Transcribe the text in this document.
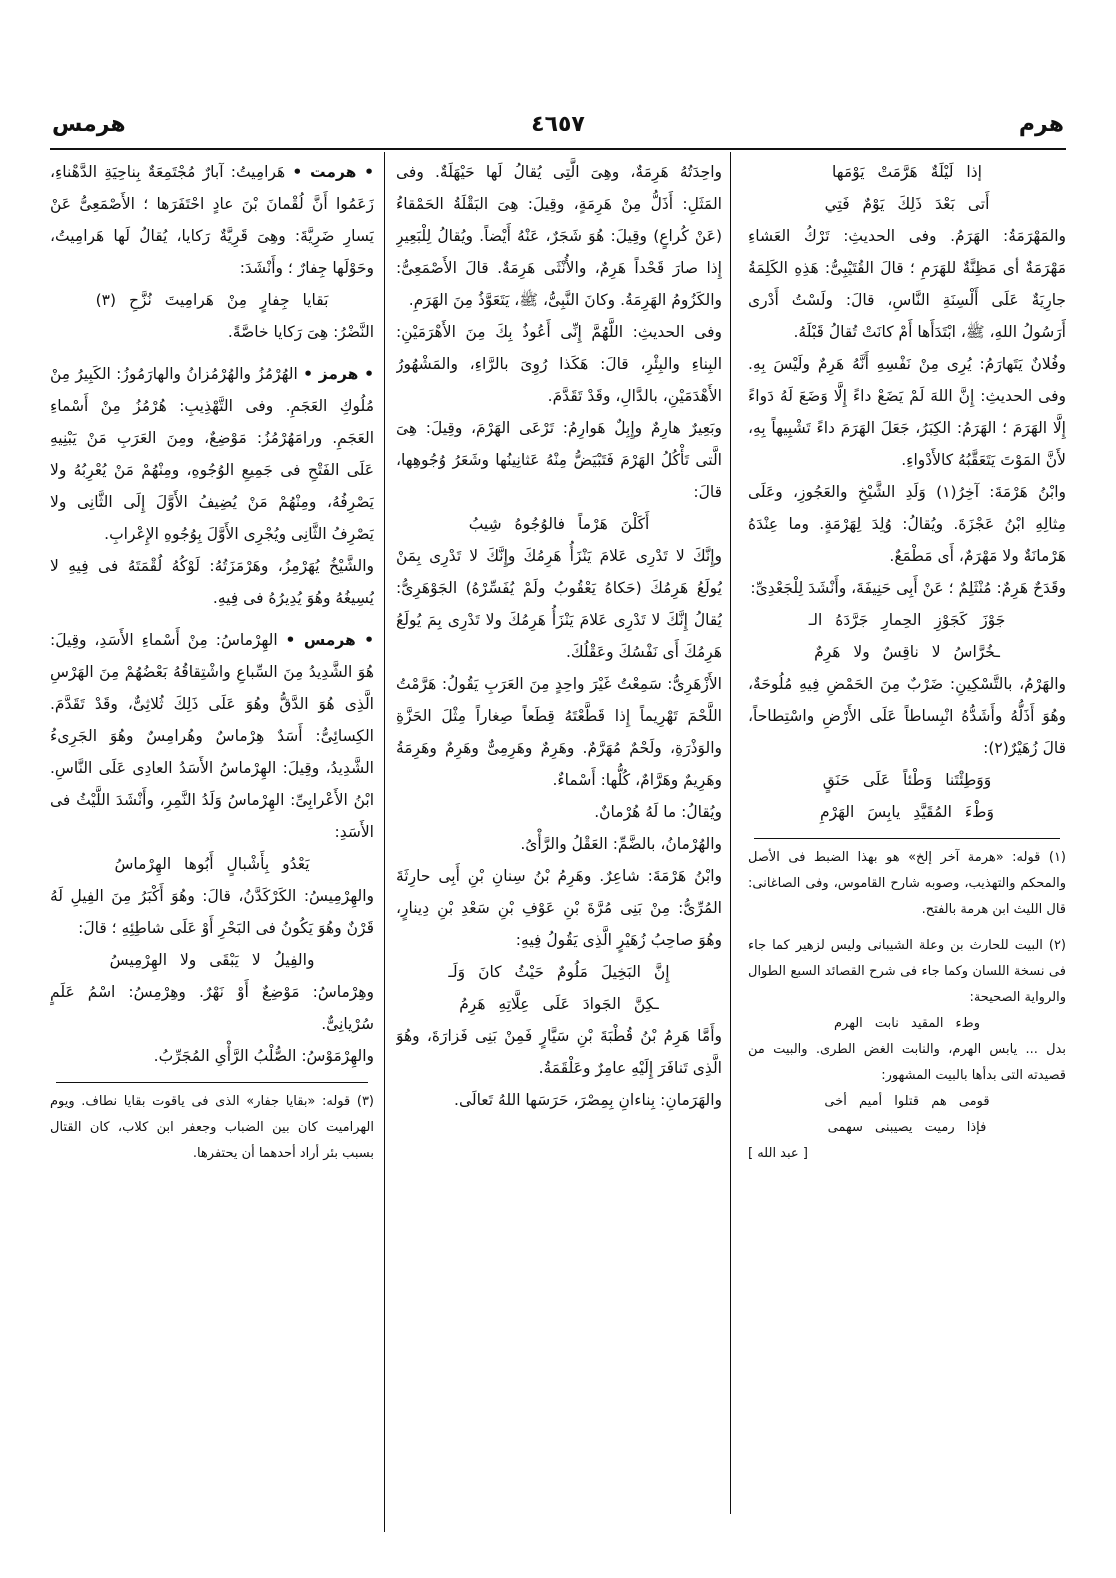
هرم
٤٦٥٧
هرمس
إذا لَيْلَةٌ هَرَّمَتْ يَوْمَها
أَتى بَعْدَ ذَلِكَ يَوْمٌ فَتِي

والمَهْرَمَةُ: الهَرَمُ. وفى الحديثِ: تَرْكُ العَشاءِ مَهْرَمَةٌ أى مَظِنَّةٌ للهَرَمِ ؛ قالَ القُتَيْبِىُّ: هَذِهِ الكَلِمَةُ جارِيَةٌ عَلَى أَلْسِنَةِ النَّاسِ، قالَ: ولَسْتُ أَدْرى أَرَسُولُ اللهِ، ﷺ، ابْتَدَأَها أَمْ كانَتْ تُقالُ قَبْلَهُ.

وفُلانٌ يَتَهارَمُ: يُرِى مِنْ نَفْسِهِ أَنَّهُ هَرِمٌ ولَيْسَ بِهِ. وفى الحديثِ: إِنَّ اللهَ لَمْ يَضَعْ داءً إِلَّا وَضَعَ لَهُ دَواءً إِلَّا الهَرَمَ ؛ الهَرَمُ: الكِبَرُ، جَعَلَ الهَرَمَ داءً تَشْبِيهاً بِهِ، لأَنَّ المَوْتَ يَتَعَقَّبُهُ كالأَدْواءِ.

وابْنُ هَرْمَةَ: آخِرُ(١) وَلَدِ الشَّيْخِ والعَجُوزِ، وعَلَى مِثالِهِ ابْنُ عَجْزَةَ. ويُقالُ: وُلِدَ لِهَرْمَةٍ. وما عِنْدَهُ هَرْمانَةٌ ولا مَهْرَمٌ، أَى مَطْمَعٌ.

وقَدَحٌ هَرِمٌ: مُنْثَلِمٌ ؛ عَنْ أَبِى حَنِيفَةَ، وأَنْشَدَ لِلْجَعْدِىِّ:

جَوْزَ كَجَوْزِ الحِمارِ جَرَّدَهُ الـ
ـخُرَّاسُ لا ناقِسٌ ولا هَرِمٌ

والهَرْمُ، بالتَّسْكِينِ: ضَرْبٌ مِنَ الحَمْضِ فِيهِ مُلُوحَةٌ، وهُوَ أَذَلُّهُ وأَشَدُّهُ انْبِساطاً عَلَى الأَرْضِ واسْتِطاحاً، قالَ زُهَيْرٌ(٢):

وَوَطِئْتَنا وَطْئاً عَلَى حَنَقٍ
وَطْءَ المُقَيَّدِ يابِسَ الهَرْمِ

(١) قوله: «هرمة آخر إلخ» هو بهذا الضبط فى الأصل والمحكم والتهذيب، وصوبه شارح القاموس، وفى الصاغانى: قال الليث ابن هرمة بالفتح.

(٢) البيت للحارث بن وعلة الشيبانى وليس لزهير كما جاء فى نسخة اللسان وكما جاء فى شرح القصائد السبع الطوال والرواية الصحيحة:

وطء المقيد نابت الهرم

بدل ... يابس الهرم، والنابت الغض الطرى. والبيت من قصيدته التى بدأها بالبيت المشهور:

قومى هم قتلوا أميم أخى
فإذا رميت يصيبنى سهمى

[ عبد الله ]

واحِدَتُهُ هَرِمَةٌ، وهِىَ الَّتِى يُقالُ لَها حَيْهَلَةٌ. وفى المَثَلِ: أَذَلُّ مِنْ هَرِمَةٍ، وقِيلَ: هِىَ البَقْلَةُ الحَمْقاءُ (عَنْ كُراعٍ) وقِيلَ: هُوَ شَجَرٌ، عَنْهُ أَيْضاً. ويُقالُ لِلْبَعِيرِ إِذا صارَ قَحْداً هَرِمٌ، والأُنْثَى هَرِمَةٌ. قالَ الأَصْمَعِىُّ: والكَزُومُ الهَرِمَةُ. وكانَ النَّبِىُّ، ﷺ، يَتَعَوَّذُ مِنَ الهَرَمِ.

وفى الحديثِ: اللَّهُمَّ إِنِّى أَعُوذُ بِكَ مِنَ الأَهْرَمَيْنِ: البِناءِ والبِئْرِ، قالَ: هَكَذا رُوِىَ بالرَّاءِ، والمَشْهُورُ الأَهْدَمَيْنِ، بالدَّالِ، وقَدْ تَقَدَّمَ.

وبَعِيرٌ هارِمٌ وإِبِلٌ هَوارِمُ: تَرْعَى الهَرْمَ، وقِيلَ: هِىَ الَّتى تَأْكُلُ الهَرْمَ فَتَبْيَضُّ مِنْهُ عَثانِينُها وشَعَرُ وُجُوهِها، قالَ:

أَكَلْنَ هَرْماً فالوُجُوهُ شِيبُ

وإِنَّكَ لا تَدْرِى عَلامَ يَنْزَأُ هَرِمُكَ وإِنَّكَ لا تَدْرِى بِمَنْ يُولَعُ هَرِمُكَ (حَكاهُ يَعْقُوبُ ولَمْ يُفَسِّرْهُ) الجَوْهَرِىُّ: يُقالُ إِنَّكَ لا تَدْرِى عَلامَ يَنْزَأُ هَرِمُكَ ولا تَدْرِى بِمَ يُولَعُ هَرِمُكَ أَى نَفْسُكَ وعَقْلُكَ.

الأَزْهَرِىُّ: سَمِعْتُ غَيْرَ واحِدٍ مِنَ العَرَبِ يَقُولُ: هَرَّمْتُ اللَّحْمَ تَهْرِيماً إِذا قَطَّعْتَهُ قِطَعاً صِغاراً مِثْلَ الحَزَّةِ والوَذْرَةِ، ولَحْمٌ مُهَرَّمٌ. وهَرِمٌ وهَرِمِىٌّ وهَرِمٌ وهَرِمَةُ وهَرِيمٌ وهَرَّامٌ، كُلُّها: أَسْماءٌ.

ويُقالُ: ما لَهُ هُرْمانٌ.

والهُرْمانُ، بالضَّمِّ: العَقْلُ والرَّأْىُ.

وابْنُ هَرْمَةَ: شاعِرٌ. وهَرِمُ بْنُ سِنانِ بْنِ أَبِى حارِثَةَ المُرِّىُّ: مِنْ بَنِى مُرَّةَ بْنِ عَوْفِ بْنِ سَعْدِ بْنِ دِينارٍ، وهُوَ صاحِبُ زُهَيْرٍ الَّذِى يَقُولُ فِيهِ:

إِنَّ البَخِيلَ مَلُومٌ حَيْثُ كانَ وَلَـ
ـكِنَّ الجَوادَ عَلَى عِلَّاتِهِ هَرِمُ

وأَمَّا هَرِمُ بْنُ قُطْبَةَ بْنِ سَيَّارٍ فَمِنْ بَنِى فَزارَةَ، وهُوَ الَّذِى تَنافَرَ إِلَيْهِ عامِرٌ وعَلْقَمَةُ.

والهَرَمانِ: بِناءانِ بِمِصْرَ، حَرَسَها اللهُ تَعالَى.

• هرمت • هَرامِيتُ: آبارٌ مُجْتَمِعَةٌ بِناحِيَةِ الدَّهْناءِ، زَعَمُوا أَنَّ لُقْمانَ بْنَ عادٍ احْتَفَرَها ؛ الأَصْمَعِىُّ عَنْ يَسارِ ضَرِيَّةَ: وهِىَ قَرِيَّةٌ رَكايا، يُقالُ لَها هَرامِيتُ، وحَوْلَها جِفارٌ ؛ وأَنْشَدَ:

بَقايا جِفارٍ مِنْ هَرامِيتَ نُزَّحِ (٣)

النَّضْرُ: هِىَ رَكايا خاصَّةً.

• هرمز • الهُرْمُزُ والهُرْمُزانُ والهارَمُوزُ: الكَبِيرُ مِنْ مُلُوكِ العَجَمِ. وفى التَّهْذِيبِ: هُرْمُزُ مِنْ أَسْماءِ العَجَمِ. ورامَهُرْمُزُ: مَوْضِعٌ، ومِنَ العَرَبِ مَنْ يَبْنِيهِ عَلَى الفَتْحِ فى جَمِيعِ الوُجُوهِ، ومِنْهُمْ مَنْ يُعْرِبُهُ ولا يَصْرِفُهُ، ومِنْهُمْ مَنْ يُضِيفُ الأَوَّلَ إِلَى الثَّانِى ولا يَصْرِفُ الثَّانِى ويُجْرِى الأَوَّلَ بِوُجُوهِ الإِعْرابِ.

والشَّيْخُ يُهَرْمِزُ، وهَرْمَزَتُهُ: لَوْكُهُ لُقْمَتَهُ فى فِيهِ لا يُسِيغُهُ وهُوَ يُدِيرُهُ فى فِيهِ.

• هرمس • الهِرْماسُ: مِنْ أَسْماءِ الأَسَدِ، وقِيلَ: هُوَ الشَّدِيدُ مِنَ السِّباعِ واشْتِقاقُهُ بَعْضُهُمْ مِنَ الهَرْسِ الَّذِى هُوَ الدَّقُّ وهُوَ عَلَى ذَلِكَ ثُلاثِىٌّ، وقَدْ تَقَدَّمَ. الكِسائِىُّ: أَسَدٌ هِرْماسٌ وهُرامِسٌ وهُوَ الجَرِىءُ الشَّدِيدُ، وقِيلَ: الهِرْماسُ الأَسَدُ العادِى عَلَى النَّاسِ. ابْنُ الأَعْرابِىِّ: الهِرْماسُ وَلَدُ النَّمِرِ، وأَنْشَدَ اللَّيْثُ فى الأَسَدِ:

يَعْدُو بِأَشْبالٍ أَبُوها الهِرْماسُ

والهِرْمِيسُ: الكَرْكَدَّنُ، قالَ: وهُوَ أَكْبَرُ مِنَ الفِيلِ لَهُ قَرْنٌ وهُوَ يَكُونُ فى البَحْرِ أَوْ عَلَى شاطِئِهِ ؛ قالَ:

والفِيلُ لا يَبْقَى ولا الهِرْمِيسُ

وهِرْماسُ: مَوْضِعٌ أَوْ نَهْرٌ. وهِرْمِسُ: اسْمُ عَلَمٍ سُرْيانِىٌّ.

والهِرْمَوْسُ: الصُّلْبُ الرَّأْىِ المُجَرِّبُ.

(٣) قوله: «بقايا جفار» الذى فى ياقوت بقايا نطاف. ويوم الهراميت كان بين الضباب وجعفر ابن كلاب، كان القتال بسبب بئر أراد أحدهما أن يحتفرها.
